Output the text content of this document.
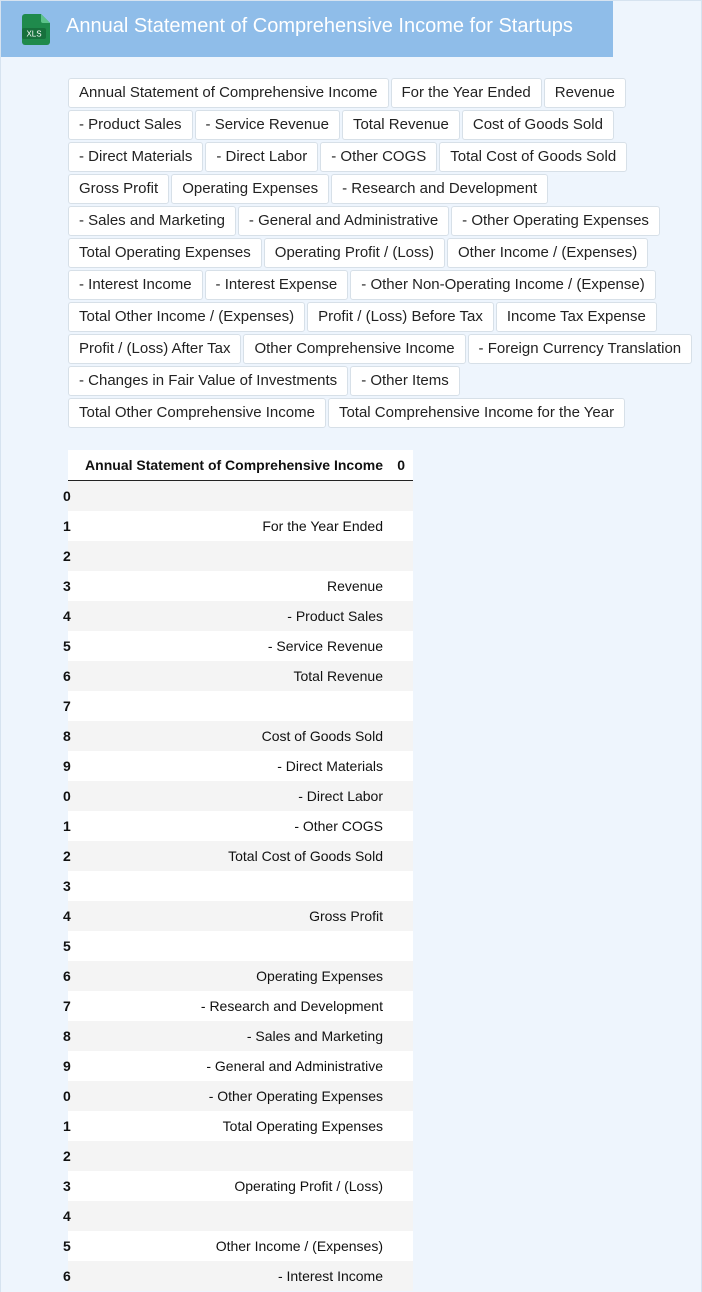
XLS Annual Statement of Comprehensive Income for Startups
Annual Statement of Comprehensive Income	For the Year Ended	Revenue
- Product Sales	- Service Revenue	Total Revenue	Cost of Goods Sold
- Direct Materials	- Direct Labor	- Other COGS	Total Cost of Goods Sold
Gross Profit	Operating Expenses	- Research and Development
- Sales and Marketing	- General and Administrative	- Other Operating Expenses
Total Operating Expenses	Operating Profit / (Loss)	Other Income / (Expenses)
- Interest Income	- Interest Expense	- Other Non-Operating Income / (Expense)
Total Other Income / (Expenses)	Profit / (Loss) Before Tax	Income Tax Expense
Profit / (Loss) After Tax	Other Comprehensive Income	- Foreign Currency Translation
- Changes in Fair Value of Investments	- Other Items
Total Other Comprehensive Income	Total Comprehensive Income for the Year
Annual Statement of Comprehensive Income 0
0
1	For the Year Ended
2
3	Revenue
4	- Product Sales
5	- Service Revenue
6	Total Revenue
7
8	Cost of Goods Sold
9	- Direct Materials
0	- Direct Labor
1	- Other COGS
2	Total Cost of Goods Sold
3
4	Gross Profit
5
6	Operating Expenses
7	- Research and Development
8	- Sales and Marketing
9	- General and Administrative
0	- Other Operating Expenses
1	Total Operating Expenses
2
3	Operating Profit / (Loss)
4
5	Other Income / (Expenses)
6	- Interest Income
